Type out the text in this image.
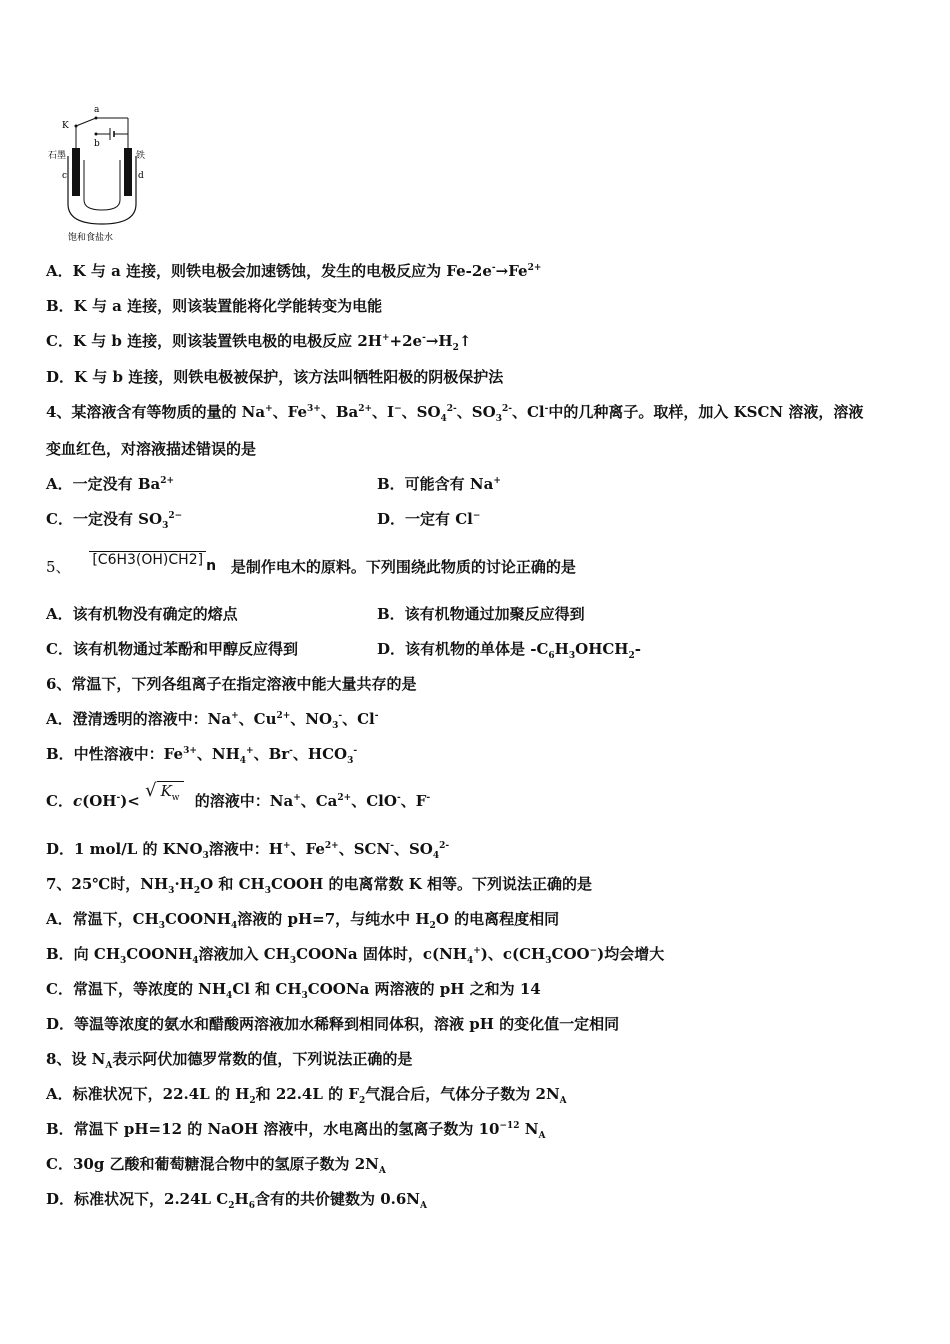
a
K
b
石墨	铁
c	d
饱和食盐水
A．K 与 a 连接，则铁电极会加速锈蚀，发生的电极反应为 $Fe-2e^-\to Fe^{2+}$
B．K 与 a 连接，则该装置能将化学能转变为电能
C．K 与 b 连接，则该装置铁电极的电极反应 $2H^++2e^-\to H_2↑$
D．K 与 b 连接，则铁电极被保护，该方法叫牺牲阳极的阴极保护法
4、某溶液含有等物质的量的 Na+、$Fe^{3+}$、$Ba^{2+}$、I−、$SO_4^{2-}$、$SO_3^{2-}$、Cl-中的几种离子。取样，加入 KSCN 溶液，溶液
变血红色，对溶液描述错误的是
A．一定没有 $Ba^{2+}$	B．可能含有 Na+
C．一定没有 $SO_3^{2-}$	D．一定有 Cl−
5、 [C6H3(OH)CH2] n 是制作电木的原料。下列围绕此物质的讨论正确的是
A．该有机物没有确定的熔点	B．该有机物通过加聚反应得到
C．该有机物通过苯酚和甲醇反应得到	D．该有机物的单体是 $-C_6H_3OHCH_2-$
6、常温下，下列各组离子在指定溶液中能大量共存的是
A．澄清透明的溶液中：Na+、$Cu^{2+}$、$NO_3^-$、Cl-
B．中性溶液中：$Fe^{3+}$、$NH_4^+$、Br-、$HCO_3^-$
C．c(OH-)< √ $K_w$ 的溶液中：Na+、$Ca^{2+}$、ClO-、F-
D．1 mol/L 的 $KNO_3$溶液中：H+、$Fe^{2+}$、SCN-、$SO_4^{2-}$
7、25℃时，$NH_3\cdot H_2O$ 和 $CH_3COOH$ 的电离常数 K 相等。下列说法正确的是
A．常温下，$CH_3COONH_4$溶液的 pH=7，与纯水中 $H_2O$ 的电离程度相同
B．向 $CH_3COONH_4$溶液加入 $CH_3COONa$ 固体时，$c(NH_4^+)$、$c(CH_3COO^-)$均会增大
C．常温下，等浓度的 $NH_4Cl$ 和 $CH_3COONa$ 两溶液的 pH 之和为 14
D．等温等浓度的氨水和醋酸两溶液加水稀释到相同体积，溶液 pH 的变化值一定相同
8、设 $N_A$表示阿伏加德罗常数的值，下列说法正确的是
A．标准状况下，22.4L 的 $H_2$和 22.4L 的 $F_2$气混合后，气体分子数为 $2N_A$
B．常温下 pH=12 的 NaOH 溶液中，水电离出的氢离子数为 $10^{-12}$ $N_A$
C．30g 乙酸和葡萄糖混合物中的氢原子数为 $2N_A$
D．标准状况下，2.24L $C_2H_6$含有的共价键数为 $0.6N_A$
